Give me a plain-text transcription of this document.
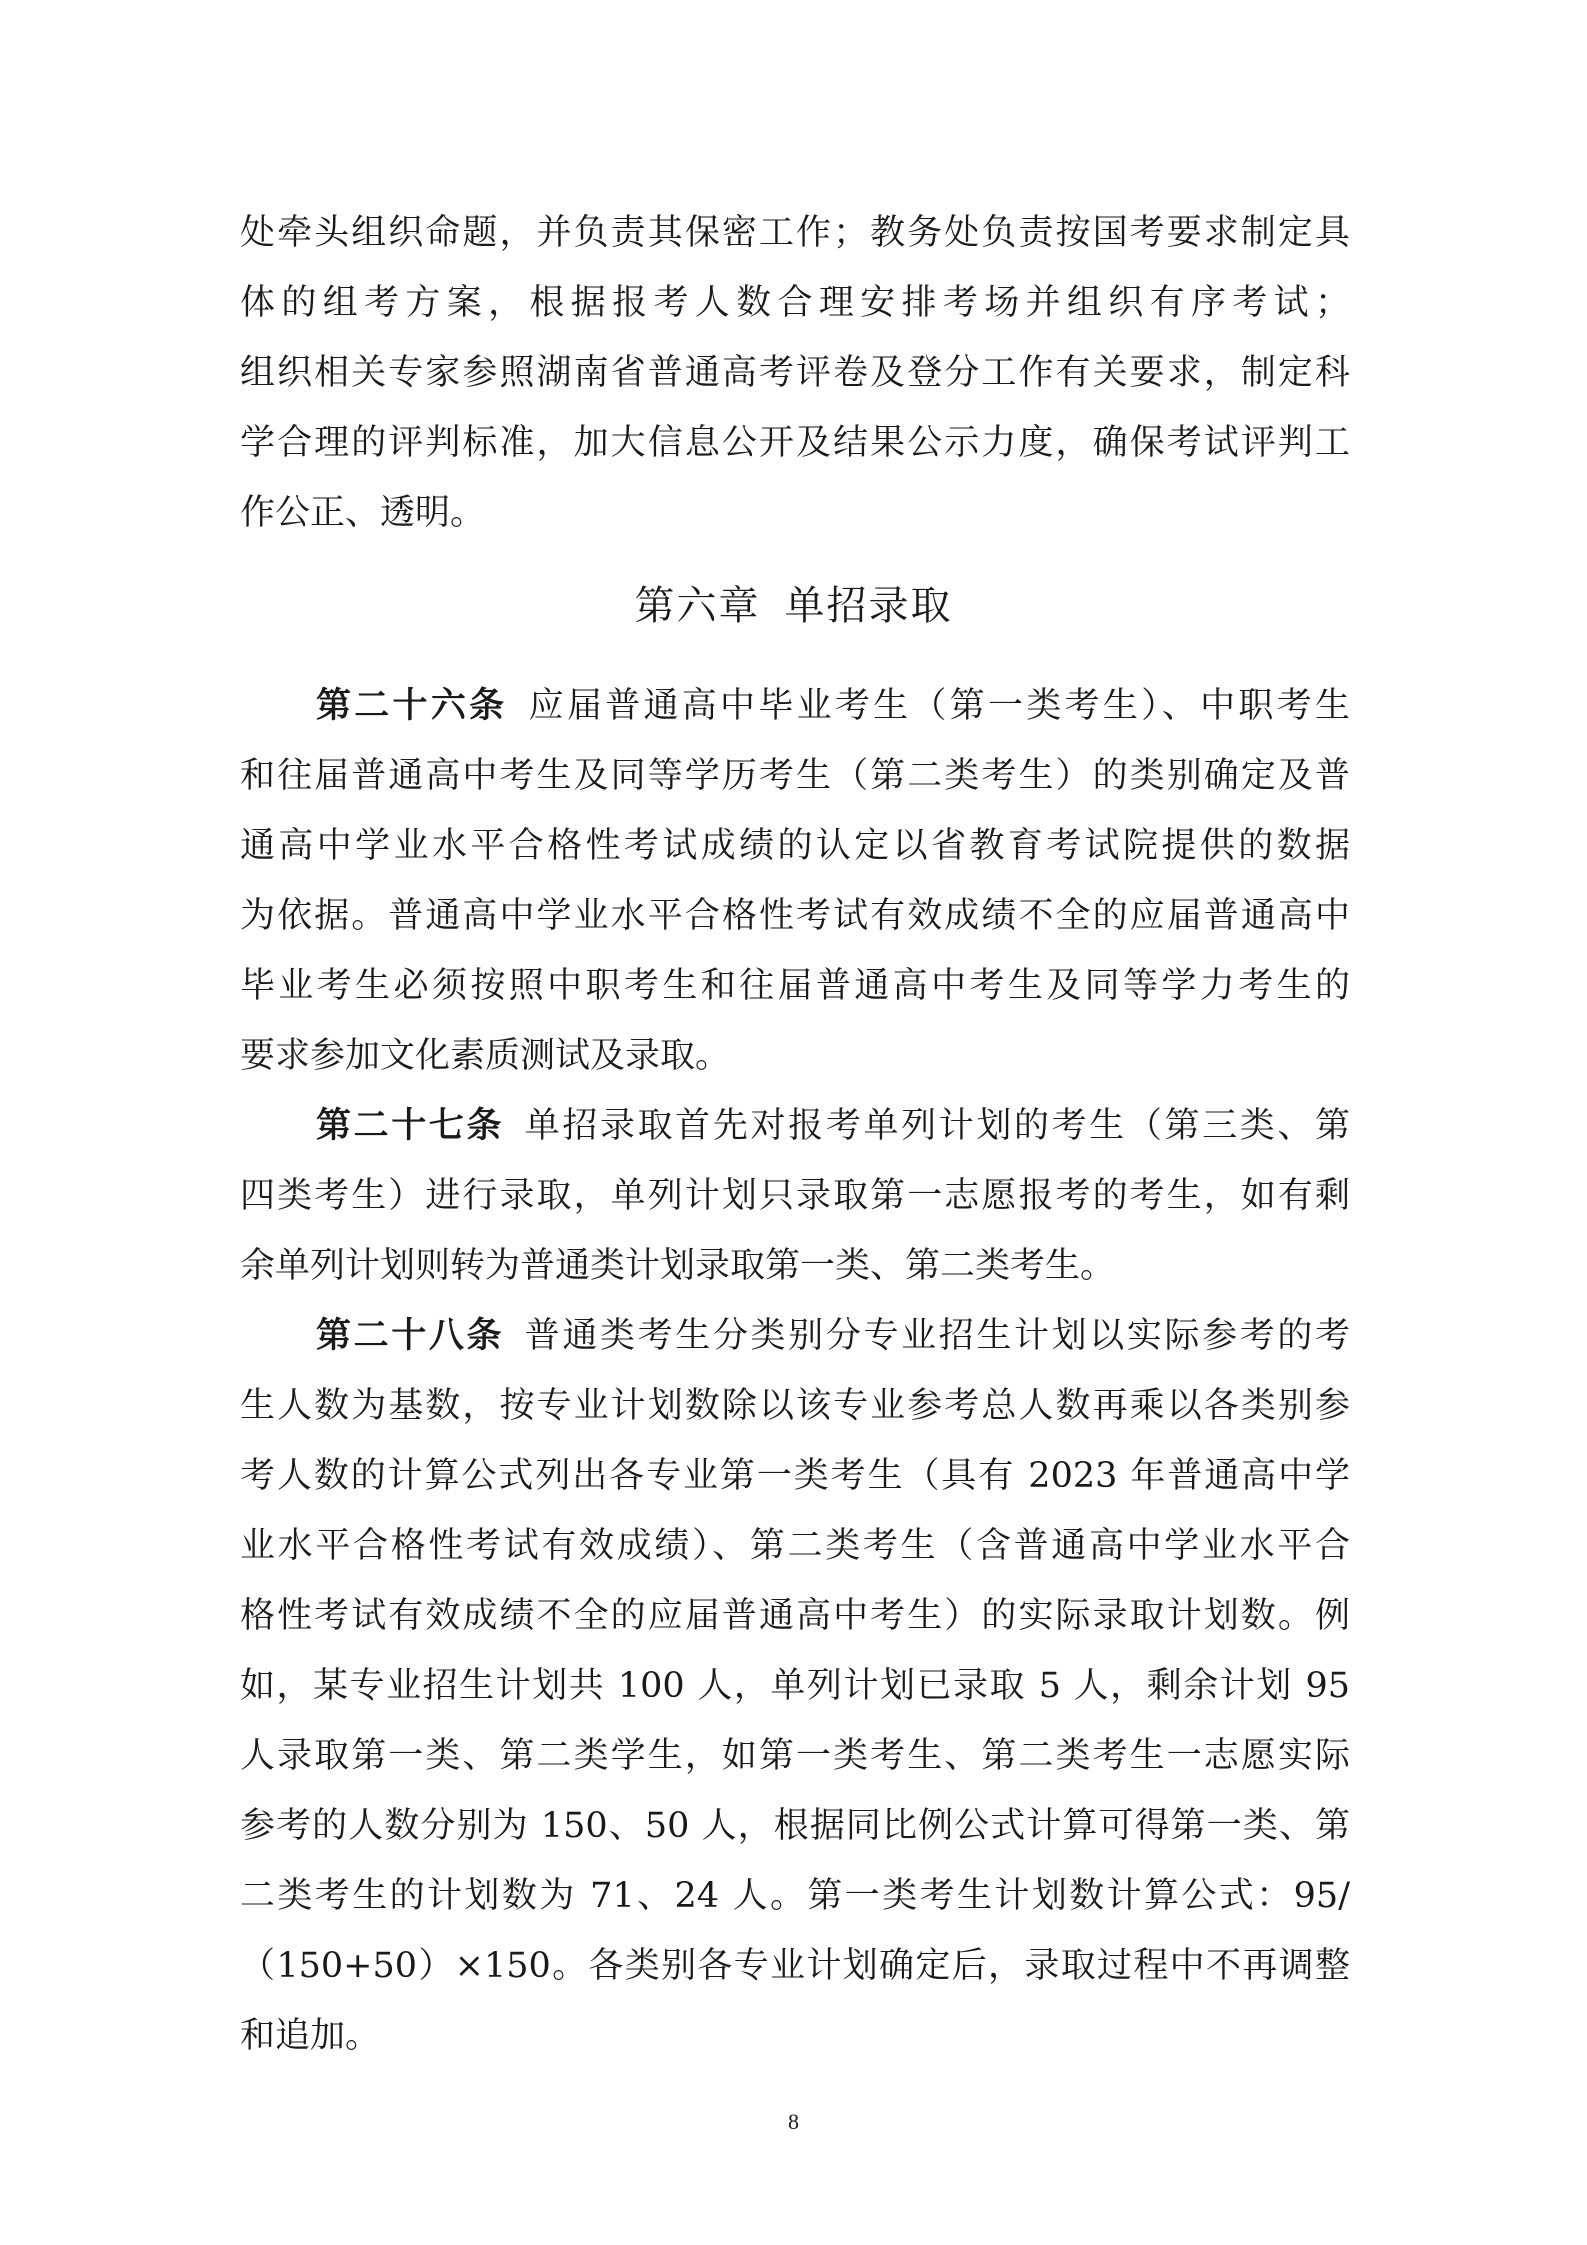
处牵头组织命题，并负责其保密工作；教务处负责按国考要求制定具
体的组考方案，根据报考人数合理安排考场并组织有序考试；
组织相关专家参照湖南省普通高考评卷及登分工作有关要求，制定科
学合理的评判标准，加大信息公开及结果公示力度，确保考试评判工
作公正、透明。
第六章 单招录取
第二十六条 应届普通高中毕业考生（第一类考生）、中职考生
和往届普通高中考生及同等学历考生（第二类考生）的类别确定及普
通高中学业水平合格性考试成绩的认定以省教育考试院提供的数据
为依据。普通高中学业水平合格性考试有效成绩不全的应届普通高中
毕业考生必须按照中职考生和往届普通高中考生及同等学力考生的
要求参加文化素质测试及录取。
第二十七条 单招录取首先对报考单列计划的考生（第三类、第
四类考生）进行录取，单列计划只录取第一志愿报考的考生，如有剩
余单列计划则转为普通类计划录取第一类、第二类考生。
第二十八条 普通类考生分类别分专业招生计划以实际参考的考
生人数为基数，按专业计划数除以该专业参考总人数再乘以各类别参
考人数的计算公式列出各专业第一类考生（具有 2023 年普通高中学
业水平合格性考试有效成绩）、第二类考生（含普通高中学业水平合
格性考试有效成绩不全的应届普通高中考生）的实际录取计划数。例
如，某专业招生计划共 100 人，单列计划已录取 5 人，剩余计划 95
人录取第一类、第二类学生，如第一类考生、第二类考生一志愿实际
参考的人数分别为 150、50 人，根据同比例公式计算可得第一类、第
二类考生的计划数为 71、24 人。第一类考生计划数计算公式：95/
（150+50）×150。各类别各专业计划确定后，录取过程中不再调整
和追加。
8
